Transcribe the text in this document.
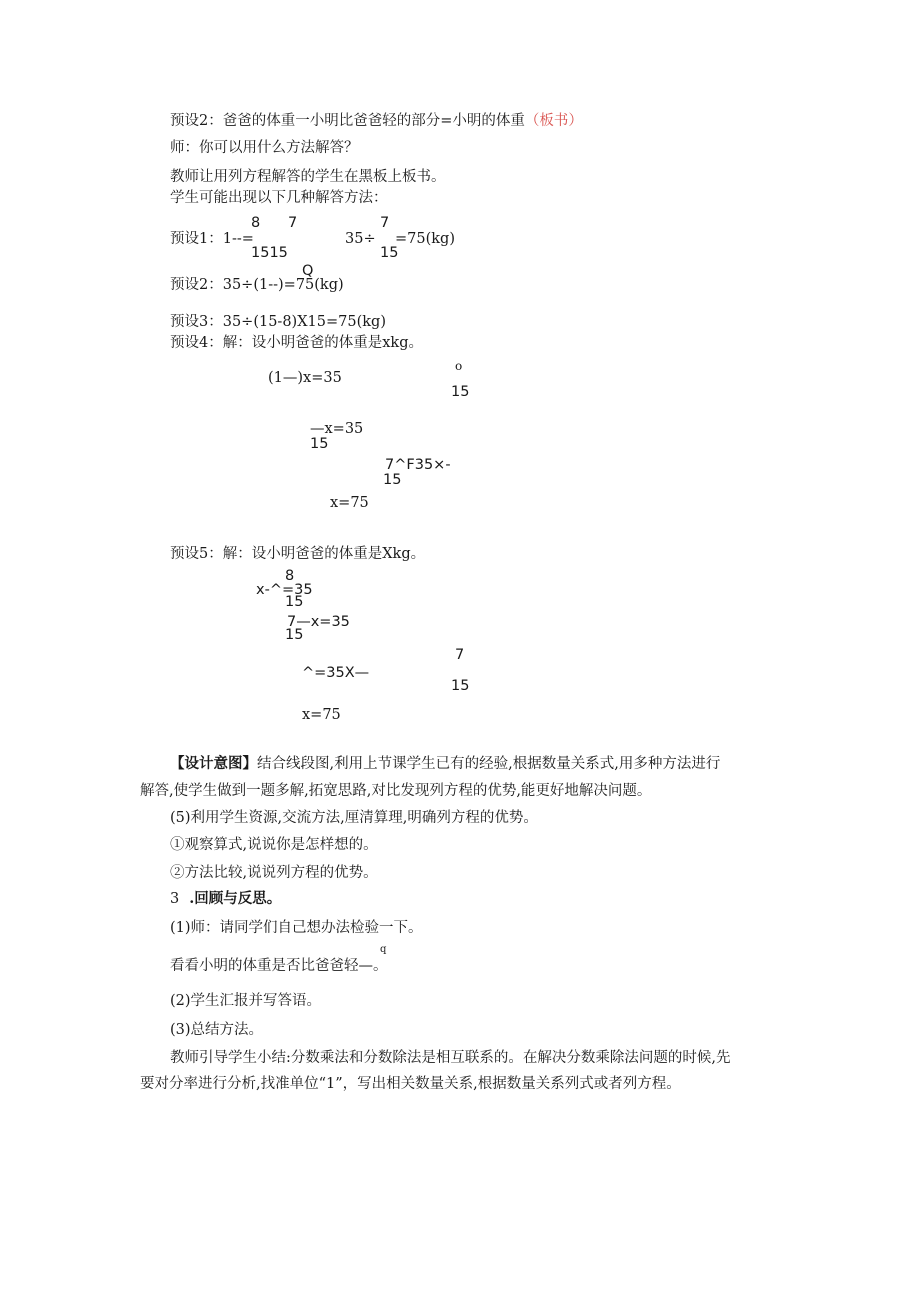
预设2：爸爸的体重一小明比爸爸轻的部分=小明的体重（板书）
师：你可以用什么方法解答？
教师让用列方程解答的学生在黑板上板书。
学生可能出现以下几种解答方法：
8 7
预设1：1--=
7
35÷ =75(kg)
1515	15
Q
预设2：35÷(1--)=75(kg)
预设3：35÷(15-8)X15=75(kg)
预设4：解：设小明爸爸的体重是xkg。
o
(1—)x=35
15
—x=35
15
7^F35×-
15
x=75
预设5：解：设小明爸爸的体重是Xkg。
8
x-^=35
15
7—x=35
15
7
^=35X—
15
x=75
【设计意图】结合线段图,利用上节课学生已有的经验,根据数量关系式,用多种方法进行
解答,使学生做到一题多解,拓宽思路,对比发现列方程的优势,能更好地解决问题。
(5)利用学生资源,交流方法,厘清算理,明确列方程的优势。
①观察算式,说说你是怎样想的。
②方法比较,说说列方程的优势。
3 .回顾与反思。
(1)师：请同学们自己想办法检验一下。
q
看看小明的体重是否比爸爸轻—。
(2)学生汇报并写答语。
(3)总结方法。
教师引导学生小结:分数乘法和分数除法是相互联系的。在解决分数乘除法问题的时候,先
要对分率进行分析,找准单位“1”，写出相关数量关系,根据数量关系列式或者列方程。
